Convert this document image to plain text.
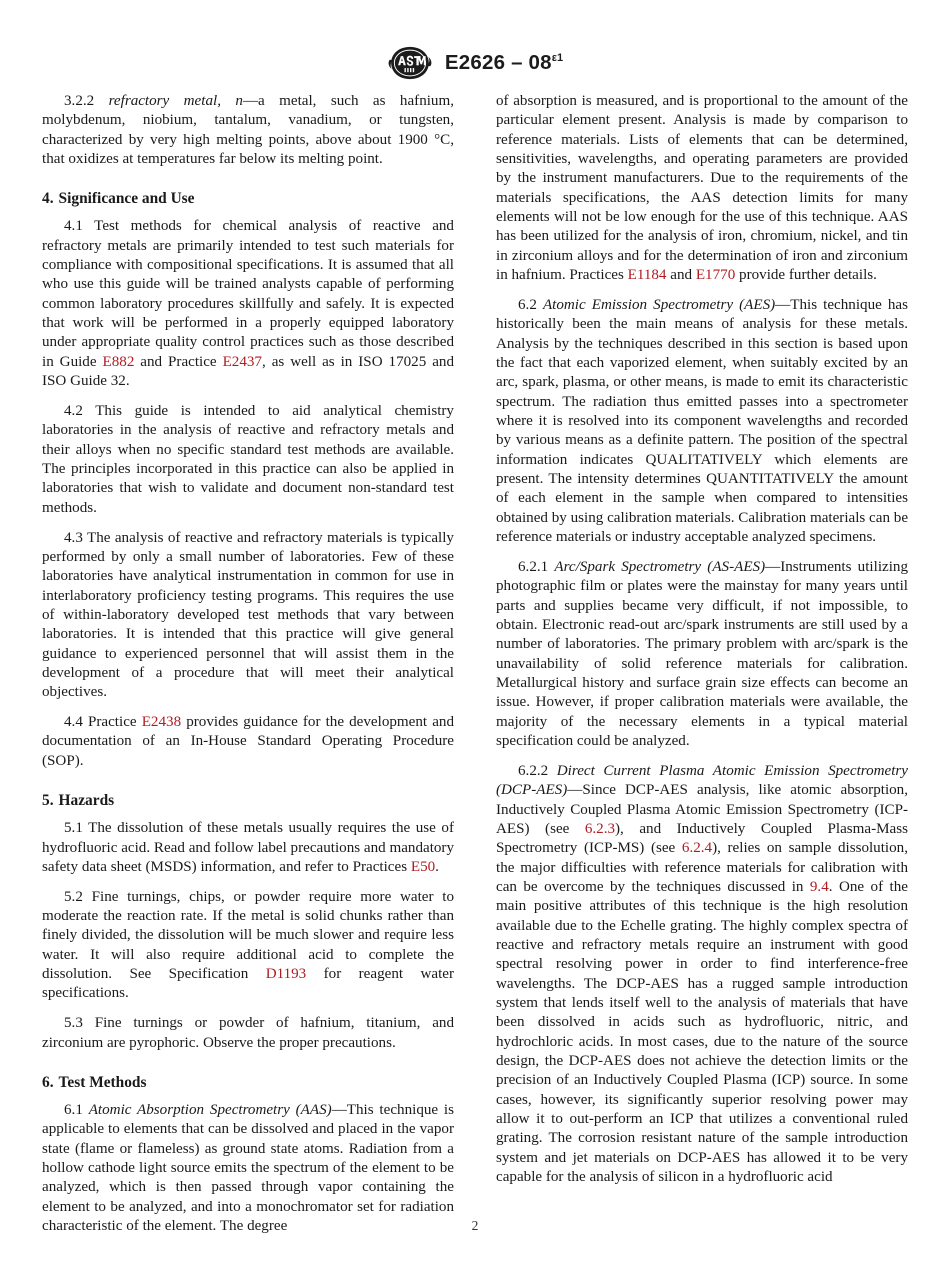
$E2626 - 08^{\varepsilon 1}$

3.2.2 refractory metal, n—a metal, such as hafnium, molybdenum, niobium, tantalum, vanadium, or tungsten, characterized by very high melting points, above about 1900 °C, that oxidizes at temperatures far below its melting point.

4. Significance and Use

4.1 Test methods for chemical analysis of reactive and refractory metals are primarily intended to test such materials for compliance with compositional specifications. It is assumed that all who use this guide will be trained analysts capable of performing common laboratory procedures skillfully and safely. It is expected that work will be performed in a properly equipped laboratory under appropriate quality control practices such as those described in Guide E882 and Practice E2437, as well as in ISO 17025 and ISO Guide 32.

4.2 This guide is intended to aid analytical chemistry laboratories in the analysis of reactive and refractory metals and their alloys when no specific standard test methods are available. The principles incorporated in this practice can also be applied in laboratories that wish to validate and document non-standard test methods.

4.3 The analysis of reactive and refractory materials is typically performed by only a small number of laboratories. Few of these laboratories have analytical instrumentation in common for use in interlaboratory proficiency testing programs. This requires the use of within-laboratory developed test methods that vary between laboratories. It is intended that this practice will give general guidance to experienced personnel that will assist them in the development of a procedure that will meet their analytical objectives.

4.4 Practice E2438 provides guidance for the development and documentation of an In-House Standard Operating Procedure (SOP).

5. Hazards

5.1 The dissolution of these metals usually requires the use of hydrofluoric acid. Read and follow label precautions and mandatory safety data sheet (MSDS) information, and refer to Practices E50.

5.2 Fine turnings, chips, or powder require more water to moderate the reaction rate. If the metal is solid chunks rather than finely divided, the dissolution will be much slower and require less water. It will also require additional acid to complete the dissolution. See Specification D1193 for reagent water specifications.

5.3 Fine turnings or powder of hafnium, titanium, and zirconium are pyrophoric. Observe the proper precautions.

6. Test Methods

6.1 Atomic Absorption Spectrometry (AAS)—This technique is applicable to elements that can be dissolved and placed in the vapor state (flame or flameless) as ground state atoms. Radiation from a hollow cathode light source emits the spectrum of the element to be analyzed, which is then passed through vapor containing the element to be analyzed, and into a monochromator set for radiation characteristic of the element. The degree

of absorption is measured, and is proportional to the amount of the particular element present. Analysis is made by comparison to reference materials. Lists of elements that can be determined, sensitivities, wavelengths, and operating parameters are provided by the instrument manufacturers. Due to the requirements of the materials specifications, the AAS detection limits for many elements will not be low enough for the use of this technique. AAS has been utilized for the analysis of iron, chromium, nickel, and tin in zirconium alloys and for the determination of iron and zirconium in hafnium. Practices E1184 and E1770 provide further details.

6.2 Atomic Emission Spectrometry (AES)—This technique has historically been the main means of analysis for these metals. Analysis by the techniques described in this section is based upon the fact that each vaporized element, when suitably excited by an arc, spark, plasma, or other means, is made to emit its characteristic spectrum. The radiation thus emitted passes into a spectrometer where it is resolved into its component wavelengths and recorded by various means as a definite pattern. The position of the spectral information indicates QUALITATIVELY which elements are present. The intensity determines QUANTITATIVELY the amount of each element in the sample when compared to intensities obtained by using calibration materials. Calibration materials can be reference materials or industry acceptable analyzed specimens.

6.2.1 Arc/Spark Spectrometry (AS-AES)—Instruments utilizing photographic film or plates were the mainstay for many years until parts and supplies became very difficult, if not impossible, to obtain. Electronic read-out arc/spark instruments are still used by a number of laboratories. The primary problem with arc/spark is the unavailability of solid reference materials for calibration. Metallurgical history and surface grain size effects can become an issue. However, if proper calibration materials were available, the majority of the necessary elements in a typical material specification could be analyzed.

6.2.2 Direct Current Plasma Atomic Emission Spectrometry (DCP-AES)—Since DCP-AES analysis, like atomic absorption, Inductively Coupled Plasma Atomic Emission Spectrometry (ICP-AES) (see 6.2.3), and Inductively Coupled Plasma-Mass Spectrometry (ICP-MS) (see 6.2.4), relies on sample dissolution, the major difficulties with reference materials for calibration with can be overcome by the techniques discussed in 9.4. One of the main positive attributes of this technique is the high resolution available due to the Echelle grating. The highly complex spectra of reactive and refractory metals require an instrument with good spectral resolving power in order to find interference-free wavelengths. The DCP-AES has a rugged sample introduction system that lends itself well to the analysis of materials that have been dissolved in acids such as hydrofluoric, nitric, and hydrochloric acids. In most cases, due to the nature of the source design, the DCP-AES does not achieve the detection limits or the precision of an Inductively Coupled Plasma (ICP) source. In some cases, however, its significantly superior resolving power may allow it to out-perform an ICP that utilizes a conventional ruled grating. The corrosion resistant nature of the sample introduction system and jet materials on DCP-AES has allowed it to be very capable for the analysis of silicon in a hydrofluoric acid

2
